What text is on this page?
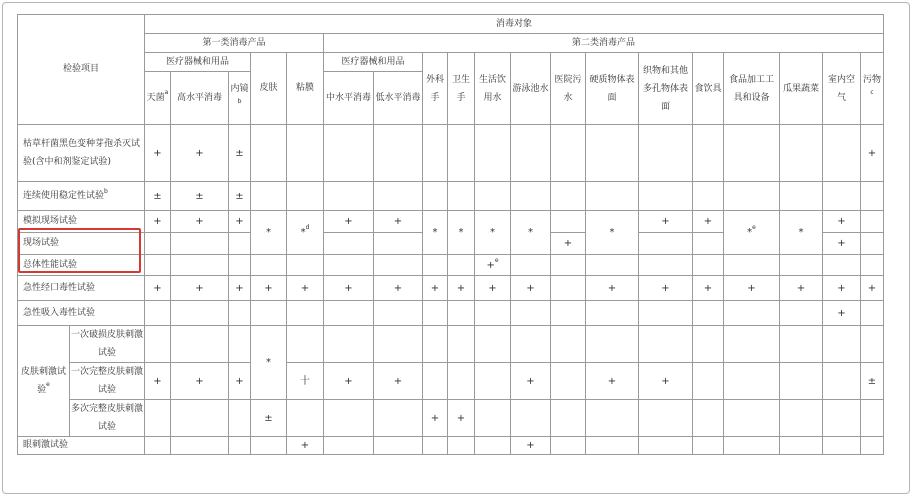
检验项目		消毒对象																		
		第一类消毒产品					第二类消毒产品													
		医疗器械和用品			皮肤	粘膜	医疗器械和用品		外科手	卫生手	生活饮用水	游泳池水	医院污水	硬质物体表面	织物和其他多孔物体表面	食饮具	食品加工工具和设备	瓜果蔬菜	室内空气	污物$^c$
		天菌$^a$	高水平消毒	内镜$^b$			中水平消毒	低水平消毒												
枯草杆菌黑色变种芽孢杀灭试验(含中和剂鉴定试验)		+	+	±																+
连续使用稳定性试验$^b$		±	±	±																
模拟现场试验		+	+	+	*	*$^d$	+	+	*	*	*	*		*	+	+	*$^e$	*	+	
现场试验													+						+	
总体性能试验											+$^e$									
急性经口毒性试验		+	+	+	+	+	+	+	+	+	+	+		+	+	+	+	+	+	+
急性吸入毒性试验																			+	
皮肤刺激试验$^e$	一次破损皮肤刺激试验				*															
	一次完整皮肤刺激试验	+	+	+		十	+	+				+		+	+					±
	多次完整皮肤刺激试验				±				+	+										
眼刺激试验						+						+								
